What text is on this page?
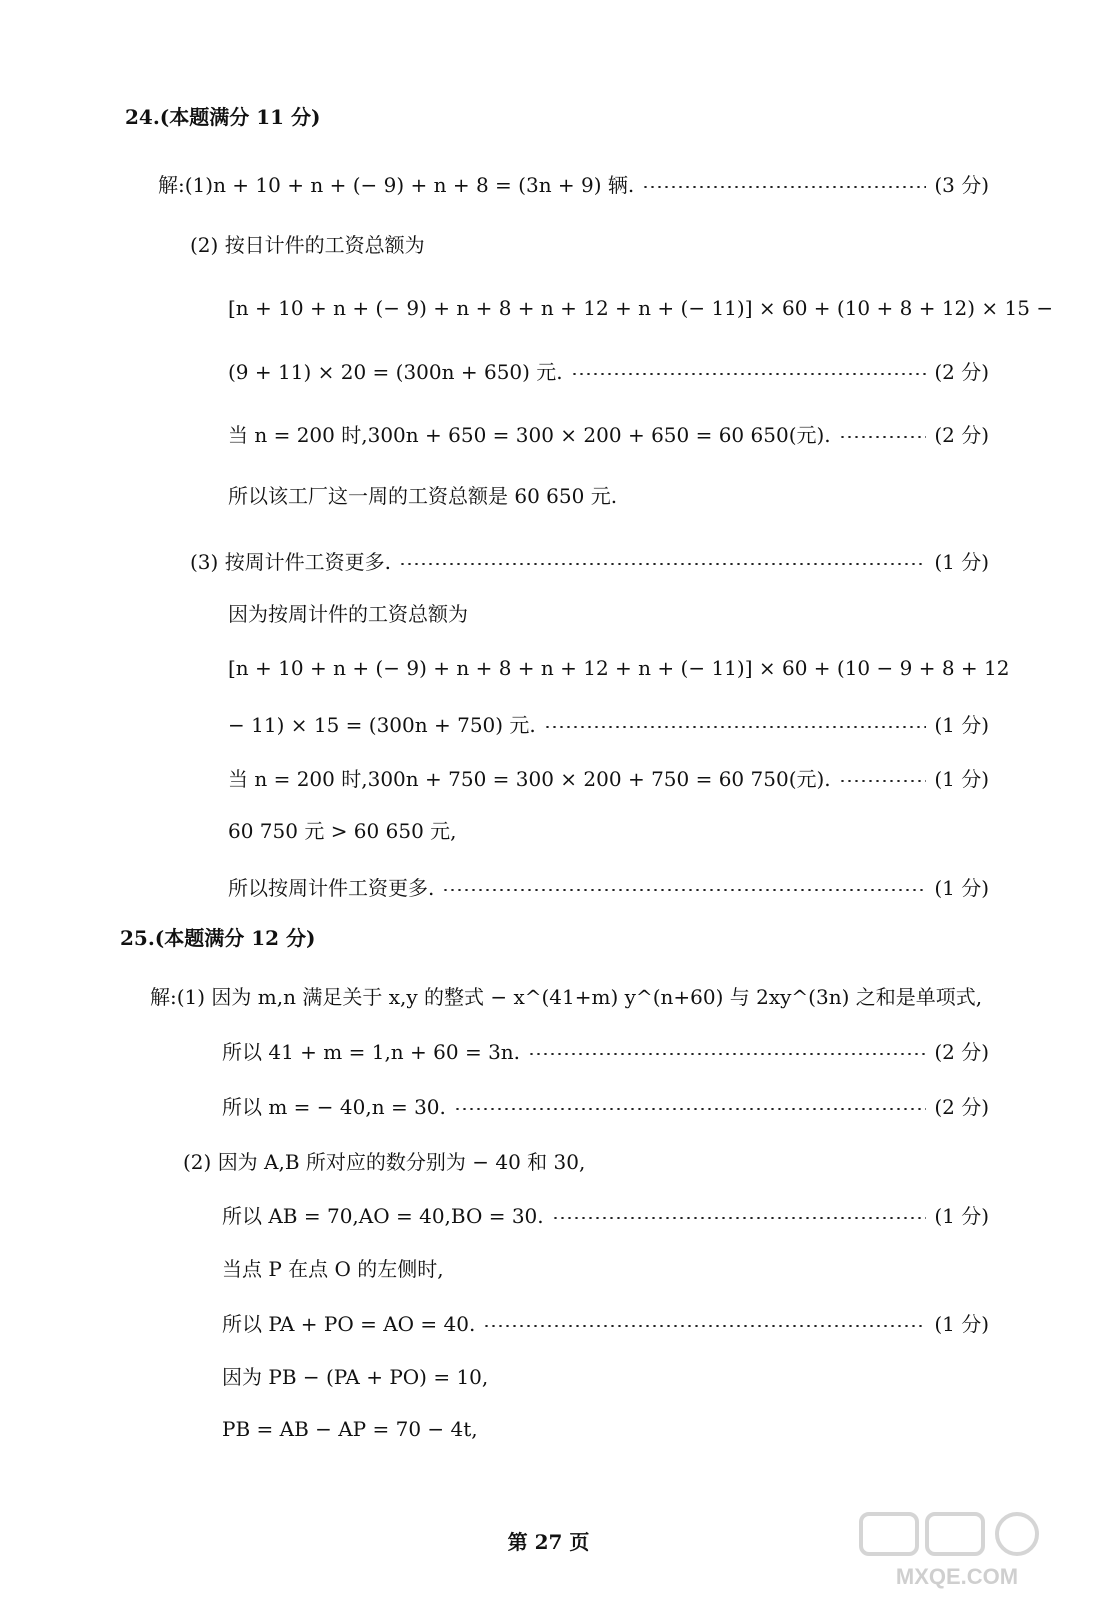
24.(本题满分 11 分)
解:(1)n + 10 + n + (− 9) + n + 8 = (3n + 9) 辆.	(3 分)
(2) 按日计件的工资总额为
[n + 10 + n + (− 9) + n + 8 + n + 12 + n + (− 11)] × 60 + (10 + 8 + 12) × 15 −
(9 + 11) × 20 = (300n + 650) 元.	(2 分)
当 n = 200 时,300n + 650 = 300 × 200 + 650 = 60 650(元).	(2 分)
所以该工厂这一周的工资总额是 60 650 元.
(3) 按周计件工资更多.	(1 分)
因为按周计件的工资总额为
[n + 10 + n + (− 9) + n + 8 + n + 12 + n + (− 11)] × 60 + (10 − 9 + 8 + 12
− 11) × 15 = (300n + 750) 元.	(1 分)
当 n = 200 时,300n + 750 = 300 × 200 + 750 = 60 750(元).	(1 分)
60 750 元 > 60 650 元,
所以按周计件工资更多.	(1 分)
25.(本题满分 12 分)
解:(1) 因为 m,n 满足关于 x,y 的整式 − x^(41+m) y^(n+60) 与 2xy^(3n) 之和是单项式,
所以 41 + m = 1,n + 60 = 3n.	(2 分)
所以 m = − 40,n = 30.	(2 分)
(2) 因为 A,B 所对应的数分别为 − 40 和 30,
所以 AB = 70,AO = 40,BO = 30.	(1 分)
当点 P 在点 O 的左侧时,
所以 PA + PO = AO = 40.	(1 分)
因为 PB − (PA + PO) = 10,
PB = AB − AP = 70 − 4t,
第 27 页
MXQE.COM
